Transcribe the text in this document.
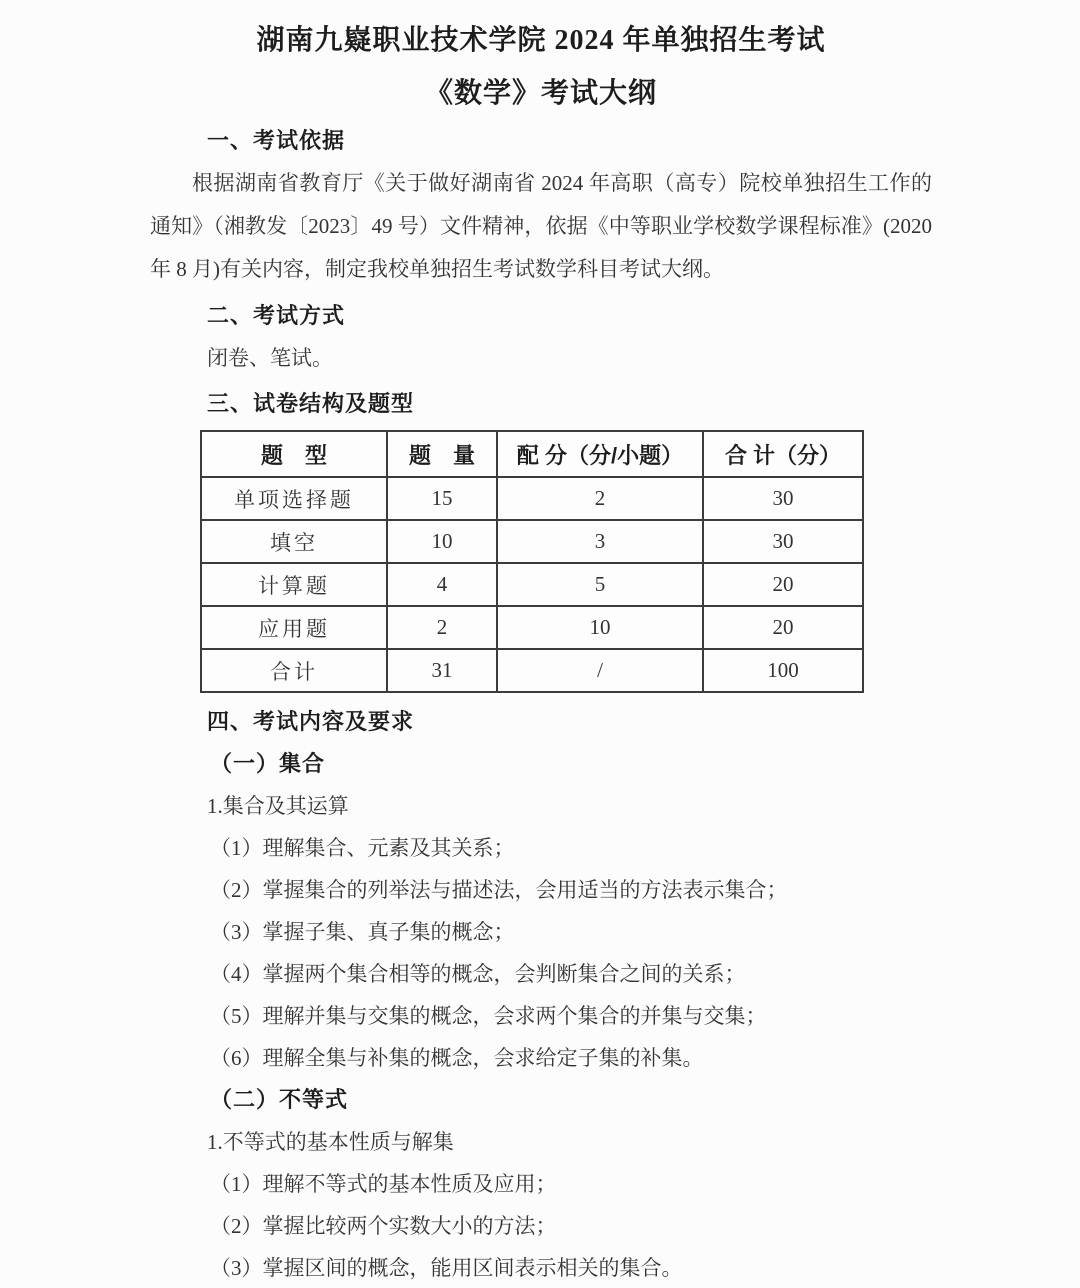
湖南九嶷职业技术学院 2024 年单独招生考试
《数学》考试大纲
一、考试依据

根据湖南省教育厅《关于做好湖南省 2024 年高职（高专）院校单独招生工作的通知》（湘教发〔2023〕49 号）文件精神，依据《中等职业学校数学课程标准》(2020 年 8 月)有关内容，制定我校单独招生考试数学科目考试大纲。

二、考试方式
闭卷、笔试。
三、试卷结构及题型
题　型	题　量	配 分（分/小题）	合 计（分）
单项选择题	15	2	30
填空	10	3	30
计算题	4	5	20
应用题	2	10	20
合计	31	/	100
四、考试内容及要求
（一）集合
1.集合及其运算
（1）理解集合、元素及其关系；
（2）掌握集合的列举法与描述法，会用适当的方法表示集合；
（3）掌握子集、真子集的概念；
（4）掌握两个集合相等的概念，会判断集合之间的关系；
（5）理解并集与交集的概念，会求两个集合的并集与交集；
（6）理解全集与补集的概念，会求给定子集的补集。
（二）不等式
1.不等式的基本性质与解集
（1）理解不等式的基本性质及应用；
（2）掌握比较两个实数大小的方法；
（3）掌握区间的概念，能用区间表示相关的集合。
